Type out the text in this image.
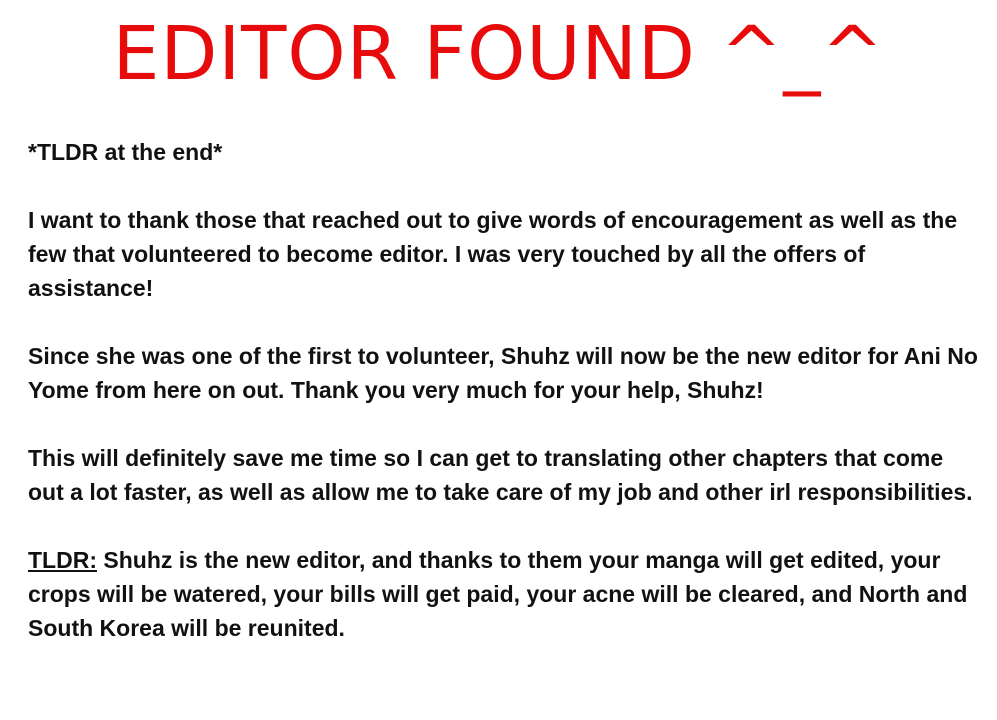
EDITOR FOUND ^_^

*TLDR at the end*

I want to thank those that reached out to give words of encouragement as well as the few that volunteered to become editor. I was very touched by all the offers of assistance!

Since she was one of the first to volunteer, Shuhz will now be the new editor for Ani No Yome from here on out. Thank you very much for your help, Shuhz!

This will definitely save me time so I can get to translating other chapters that come out a lot faster, as well as allow me to take care of my job and other irl responsibilities.

TLDR: Shuhz is the new editor, and thanks to them your manga will get edited, your crops will be watered, your bills will get paid, your acne will be cleared, and North and South Korea will be reunited.
